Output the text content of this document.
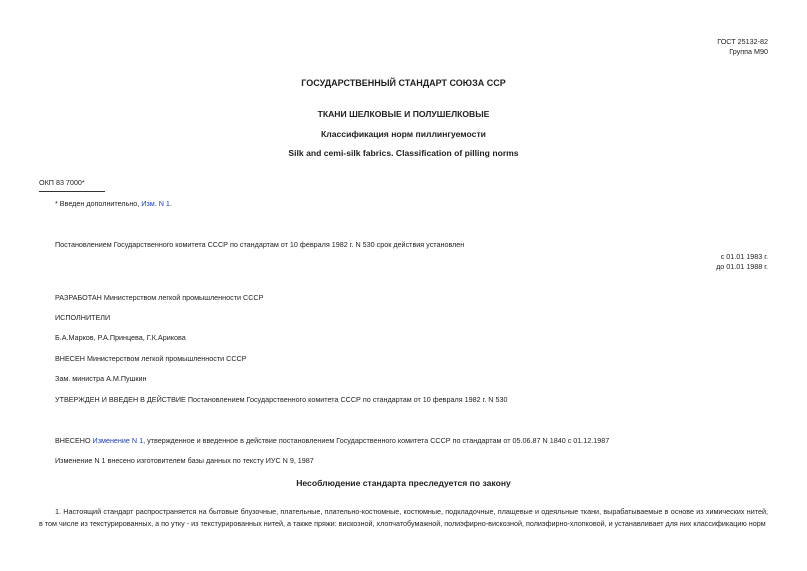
ГОСТ 25132-82
Группа М90
ГОСУДАРСТВЕННЫЙ СТАНДАРТ СОЮЗА ССР
ТКАНИ ШЕЛКОВЫЕ И ПОЛУШЕЛКОВЫЕ
Классификация норм пиллингуемости
Silk and cemi-silk fabrics. Classification of pilling norms
ОКП 83 7000*
* Введен дополнительно, Изм. N 1.
Постановлением Государственного комитета СССР по стандартам от 10 февраля 1982 г. N 530 срок действия установлен
с 01.01 1983 г.
до 01.01 1988 г.
РАЗРАБОТАН Министерством легкой промышленности СССР
ИСПОЛНИТЕЛИ
Б.А.Марков, Р.А.Принцева, Г.К.Арикова
ВНЕСЕН Министерством легкой промышленности СССР
Зам. министра А.М.Пушкин
УТВЕРЖДЕН И ВВЕДЕН В ДЕЙСТВИЕ Постановлением Государственного комитета СССР по стандартам от 10 февраля 1982 г. N 530
ВНЕСЕНО Изменение N 1, утвержденное и введенное в действие постановлением Государственного комитета СССР по стандартам от 05.06.87 N 1840 с 01.12.1987
Изменение N 1 внесено изготовителем базы данных по тексту ИУС N 9, 1987
Несоблюдение стандарта преследуется по закону
1. Настоящий стандарт распространяется на бытовые блузочные, плательные, плательно-костюмные, костюмные, подкладочные, плащевые и одеяльные ткани, вырабатываемые в основе из химических нитей, в том числе из текстурированных, а по утку - из текстурированных нитей, а также пряжи: вискозной, хлопчатобумажной, полиэфирно-вискозной, полиэфирно-хлопковой, и устанавливает для них классификацию норм
